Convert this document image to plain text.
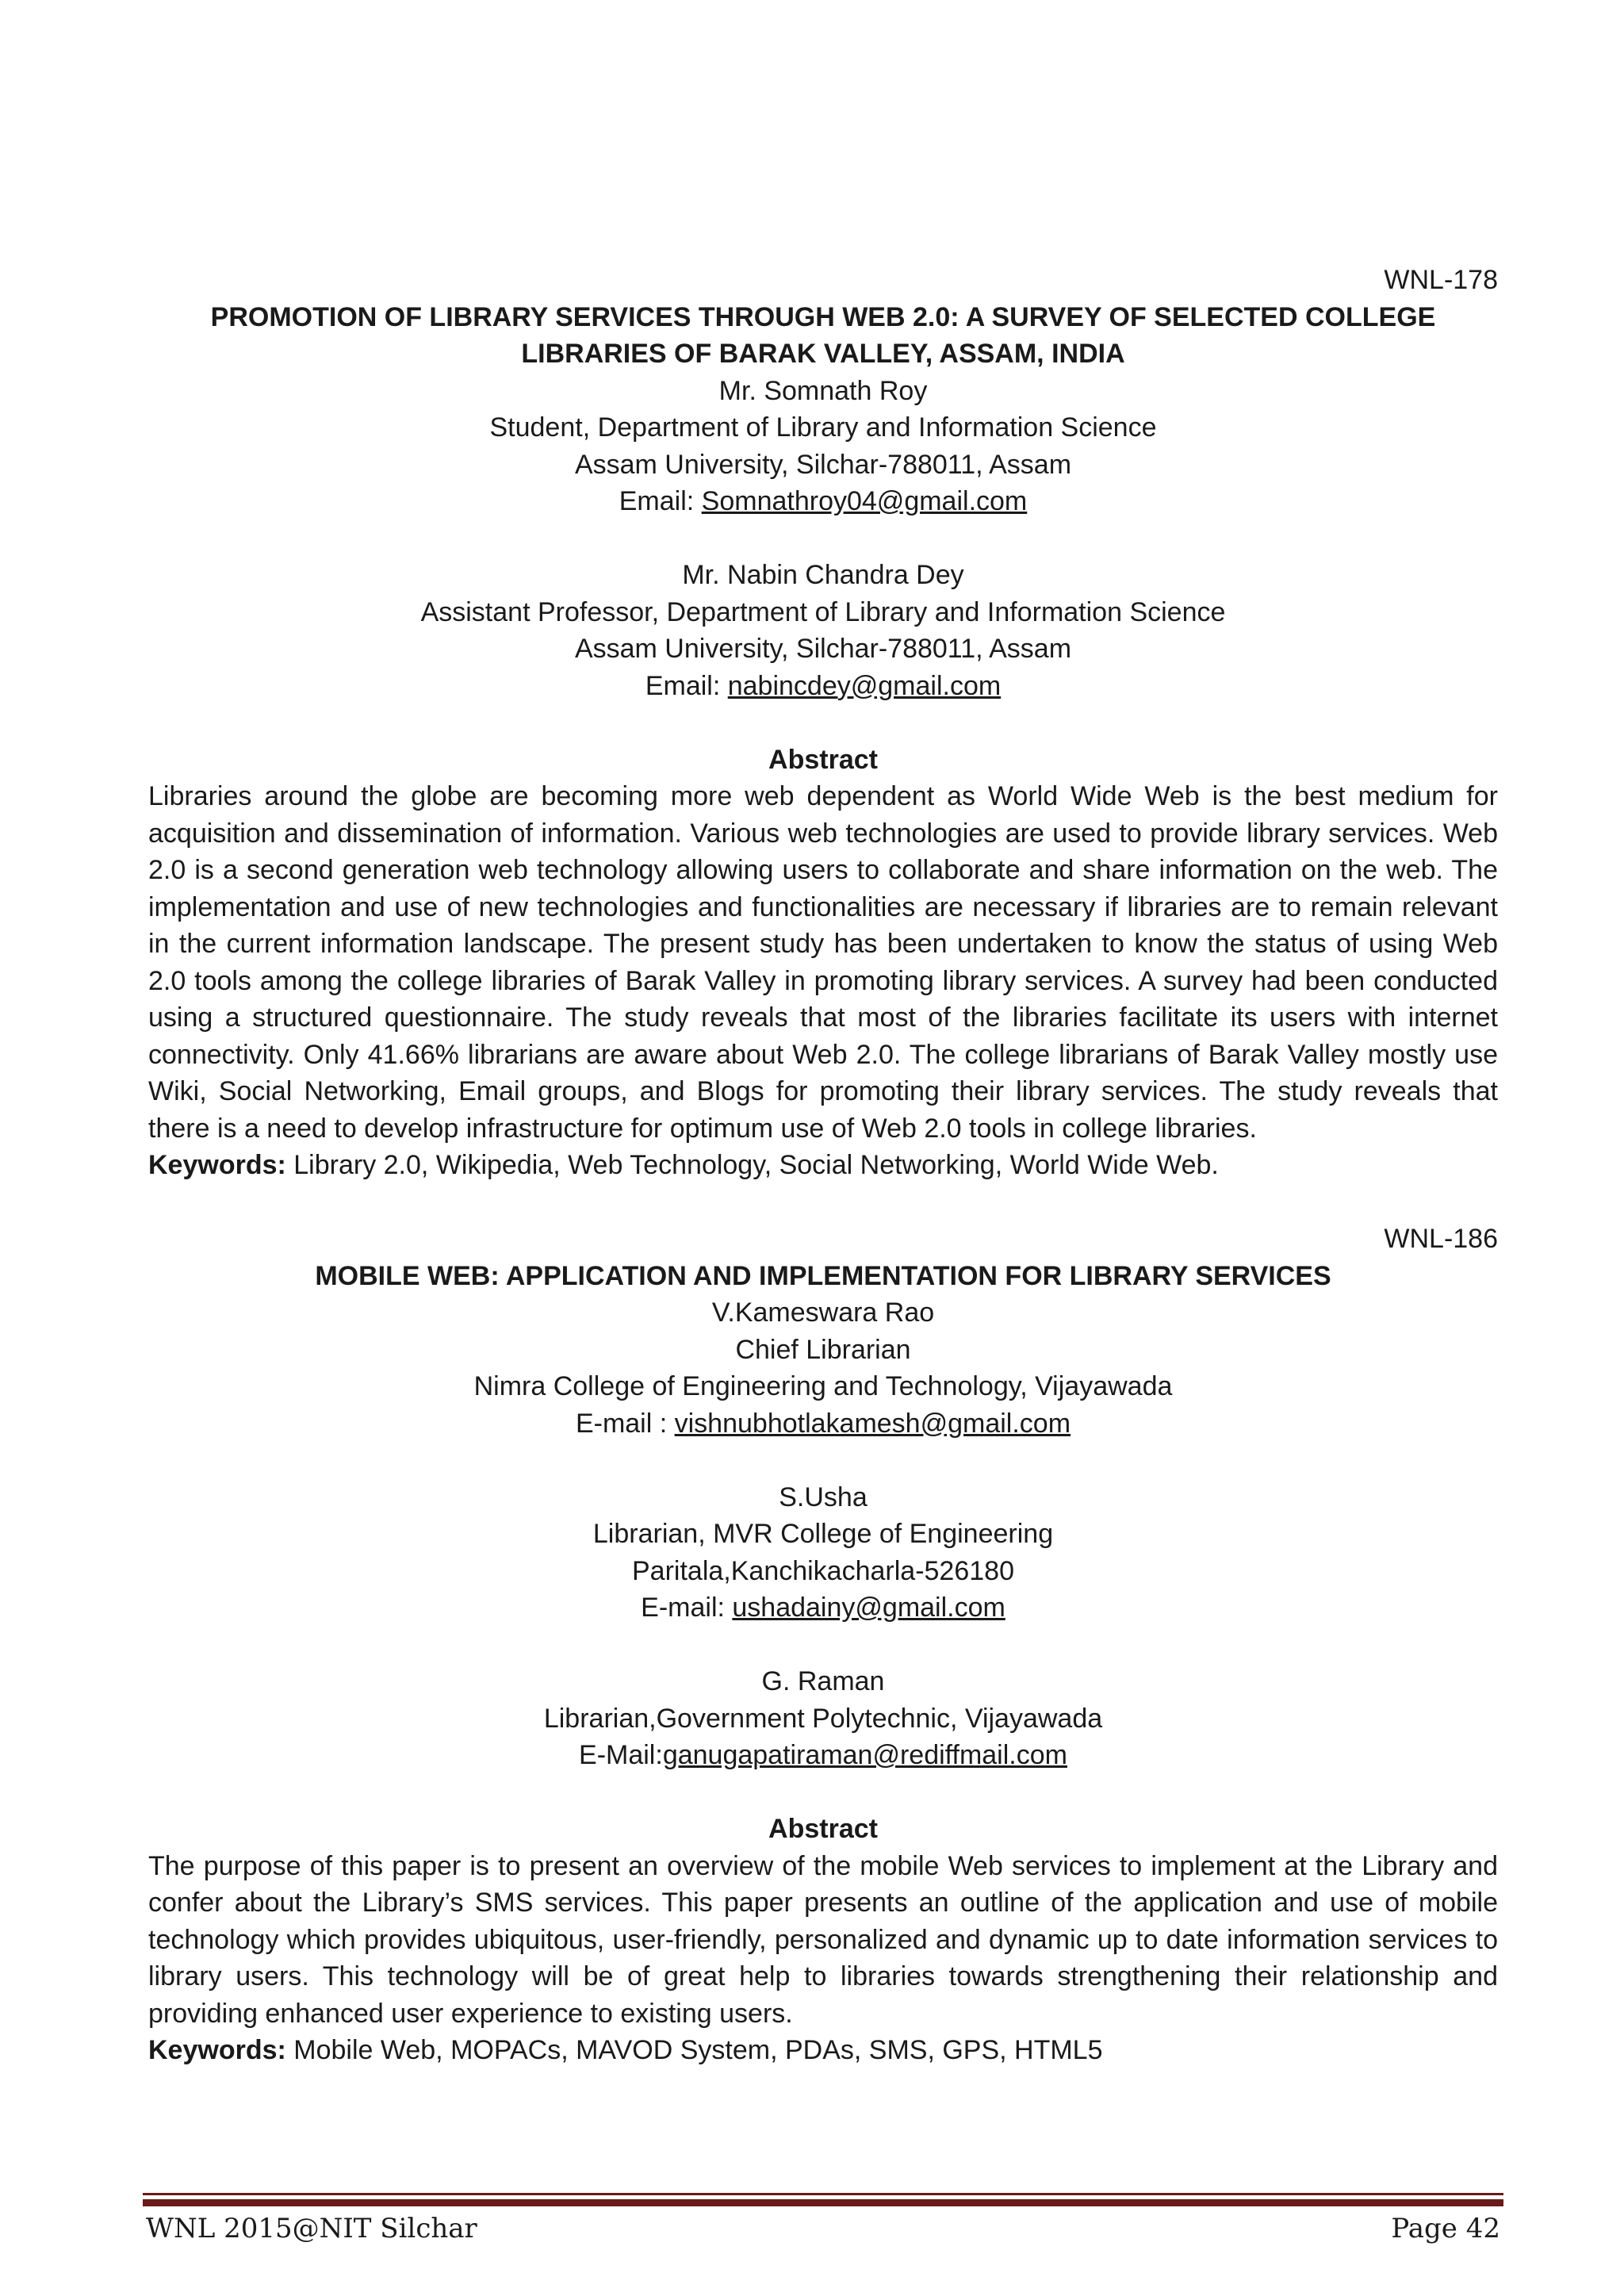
WNL-178
PROMOTION OF LIBRARY SERVICES THROUGH WEB 2.0: A SURVEY OF SELECTED COLLEGE
LIBRARIES OF BARAK VALLEY, ASSAM, INDIA
Mr. Somnath Roy
Student, Department of Library and Information Science
Assam University, Silchar-788011, Assam
Email: Somnathroy04@gmail.com
Mr. Nabin Chandra Dey
Assistant Professor, Department of Library and Information Science
Assam University, Silchar-788011, Assam
Email: nabincdey@gmail.com
Abstract
Libraries around the globe are becoming more web dependent as World Wide Web is the best medium for acquisition and dissemination of information. Various web technologies are used to provide library services. Web 2.0 is a second generation web technology allowing users to collaborate and share information on the web. The implementation and use of new technologies and functionalities are necessary if libraries are to remain relevant in the current information landscape. The present study has been undertaken to know the status of using Web 2.0 tools among the college libraries of Barak Valley in promoting library services. A survey had been conducted using a structured questionnaire. The study reveals that most of the libraries facilitate its users with internet connectivity. Only 41.66% librarians are aware about Web 2.0. The college librarians of Barak Valley mostly use Wiki, Social Networking, Email groups, and Blogs for promoting their library services. The study reveals that there is a need to develop infrastructure for optimum use of Web 2.0 tools in college libraries.
Keywords: Library 2.0, Wikipedia, Web Technology, Social Networking, World Wide Web.
WNL-186
MOBILE WEB: APPLICATION AND IMPLEMENTATION FOR LIBRARY SERVICES
V.Kameswara Rao
Chief Librarian
Nimra College of Engineering and Technology, Vijayawada
E-mail : vishnubhotlakamesh@gmail.com
S.Usha
Librarian, MVR College of Engineering
Paritala,Kanchikacharla-526180
E-mail: ushadainy@gmail.com
G. Raman
Librarian,Government Polytechnic, Vijayawada
E-Mail:ganugapatiraman@rediffmail.com
Abstract
The purpose of this paper is to present an overview of the mobile Web services to implement at the Library and confer about the Library’s SMS services. This paper presents an outline of the application and use of mobile technology which provides ubiquitous, user-friendly, personalized and dynamic up to date information services to library users. This technology will be of great help to libraries towards strengthening their relationship and providing enhanced user experience to existing users.
Keywords: Mobile Web, MOPACs, MAVOD System, PDAs, SMS, GPS, HTML5
WNL 2015@NIT Silchar	Page 42
